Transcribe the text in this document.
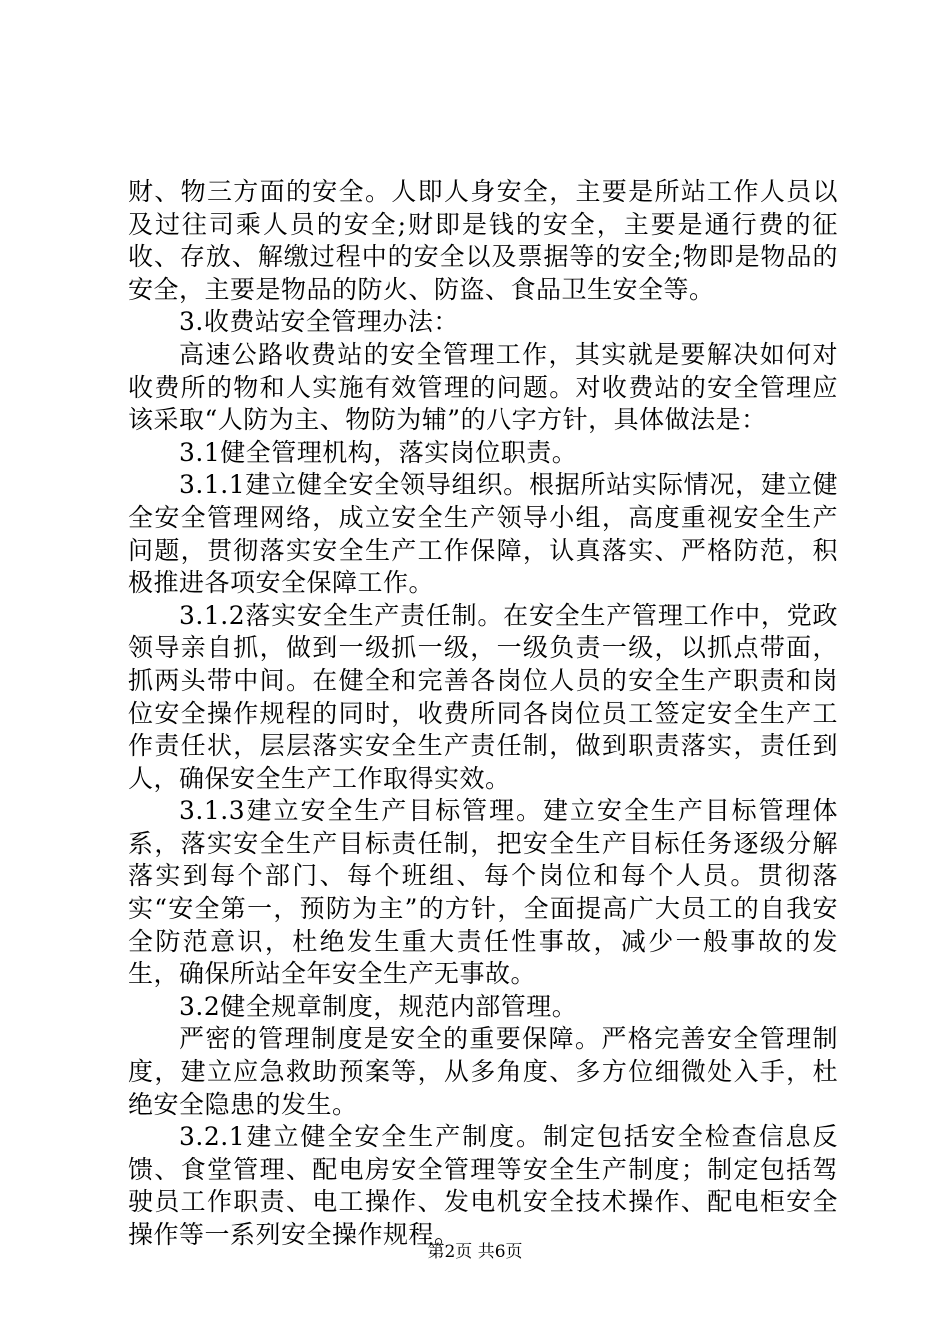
财、物三方面的安全。人即人身安全，主要是所站工作人员以及过往司乘人员的安全;财即是钱的安全，主要是通行费的征收、存放、解缴过程中的安全以及票据等的安全;物即是物品的安全，主要是物品的防火、防盗、食品卫生安全等。

3.收费站安全管理办法：

高速公路收费站的安全管理工作，其实就是要解决如何对收费所的物和人实施有效管理的问题。对收费站的安全管理应该采取“人防为主、物防为辅”的八字方针，具体做法是：

3.1健全管理机构，落实岗位职责。

3.1.1建立健全安全领导组织。根据所站实际情况，建立健全安全管理网络，成立安全生产领导小组，高度重视安全生产问题，贯彻落实安全生产工作保障，认真落实、严格防范，积极推进各项安全保障工作。

3.1.2落实安全生产责任制。在安全生产管理工作中，党政领导亲自抓，做到一级抓一级，一级负责一级，以抓点带面，抓两头带中间。在健全和完善各岗位人员的安全生产职责和岗位安全操作规程的同时，收费所同各岗位员工签定安全生产工作责任状，层层落实安全生产责任制，做到职责落实，责任到人，确保安全生产工作取得实效。

3.1.3建立安全生产目标管理。建立安全生产目标管理体系，落实安全生产目标责任制，把安全生产目标任务逐级分解落实到每个部门、每个班组、每个岗位和每个人员。贯彻落实“安全第一，预防为主”的方针，全面提高广大员工的自我安全防范意识，杜绝发生重大责任性事故，减少一般事故的发生，确保所站全年安全生产无事故。

3.2健全规章制度，规范内部管理。

严密的管理制度是安全的重要保障。严格完善安全管理制度，建立应急救助预案等，从多角度、多方位细微处入手，杜绝安全隐患的发生。

3.2.1建立健全安全生产制度。制定包括安全检查信息反馈、食堂管理、配电房安全管理等安全生产制度；制定包括驾驶员工作职责、电工操作、发电机安全技术操作、配电柜安全操作等一系列安全操作规程。

第2页 共6页
